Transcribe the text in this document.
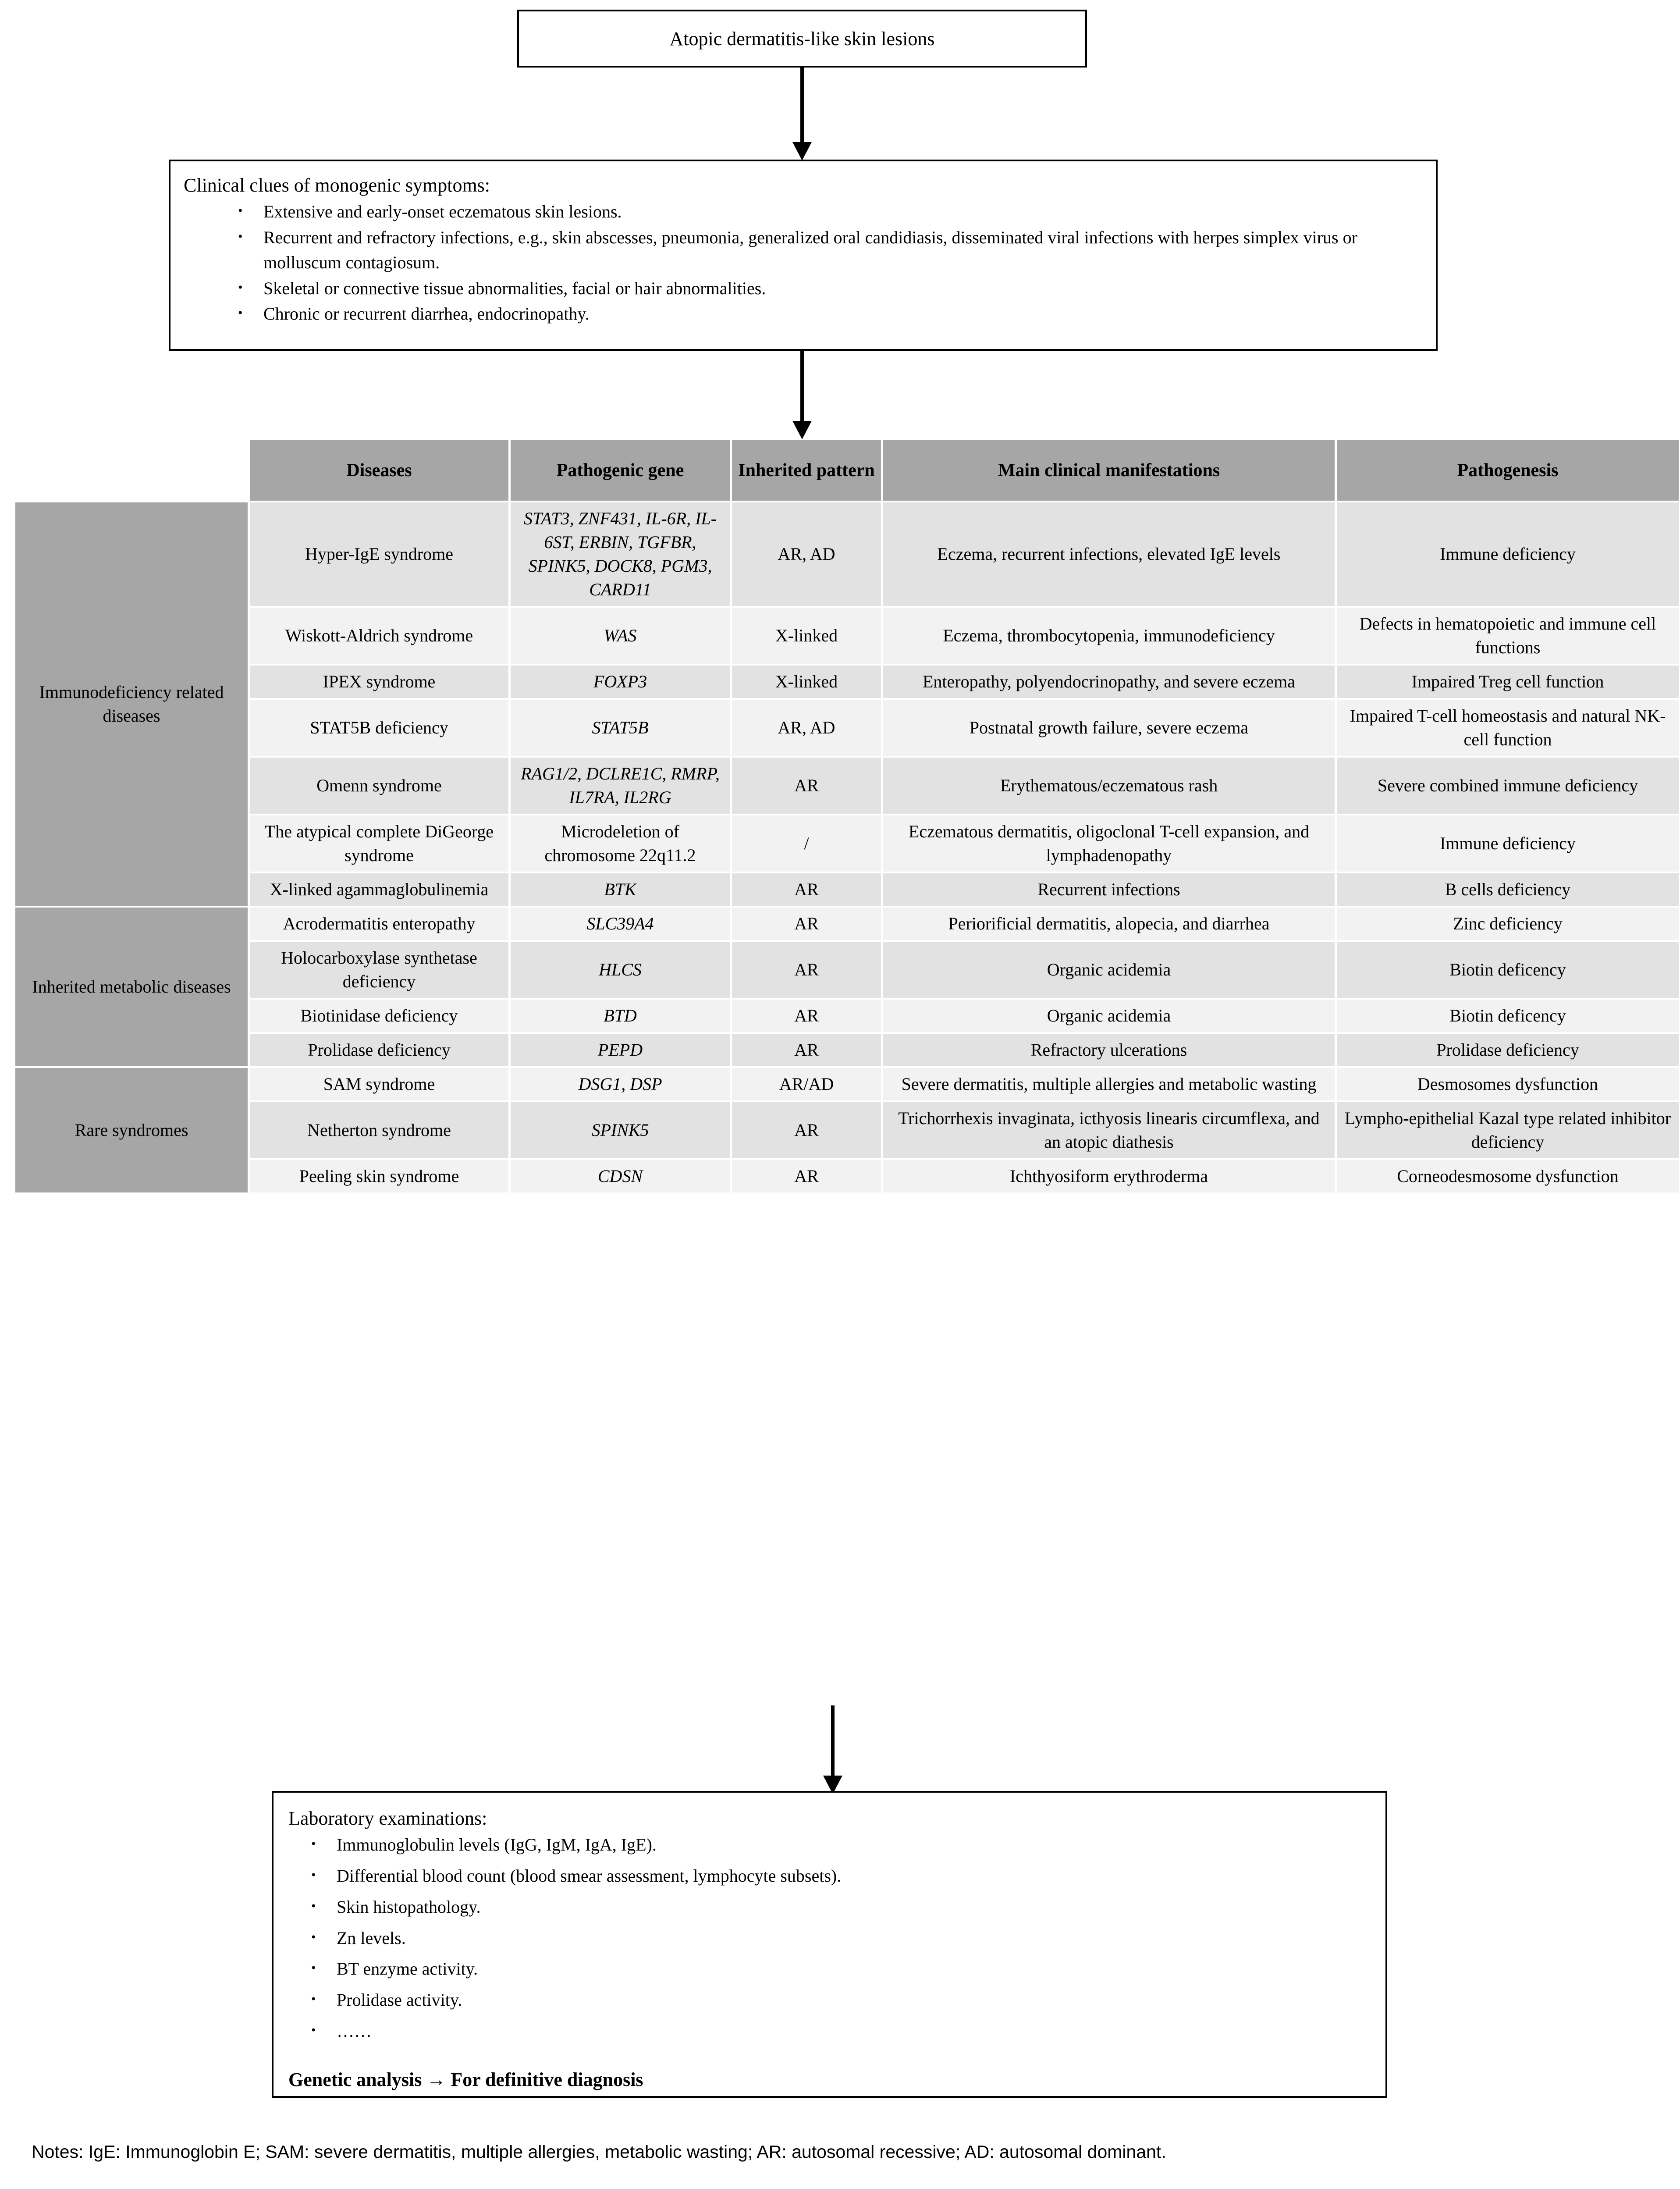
Atopic dermatitis-like skin lesions
Clinical clues of monogenic symptoms:
• Extensive and early-onset eczematous skin lesions.
• Recurrent and refractory infections, e.g., skin abscesses, pneumonia, generalized oral candidiasis, disseminated viral infections with herpes simplex virus or molluscum contagiosum.
• Skeletal or connective tissue abnormalities, facial or hair abnormalities.
• Chronic or recurrent diarrhea, endocrinopathy.
	Diseases	Pathogenic gene	Inherited pattern	Main clinical manifestations	Pathogenesis
Immunodeficiency related diseases	Hyper-IgE syndrome	STAT3, ZNF431, IL-6R, IL-6ST, ERBIN, TGFBR, SPINK5, DOCK8, PGM3, CARD11	AR, AD	Eczema, recurrent infections, elevated IgE levels	Immune deficiency
	Wiskott-Aldrich syndrome	WAS	X-linked	Eczema, thrombocytopenia, immunodeficiency	Defects in hematopoietic and immune cell functions
	IPEX syndrome	FOXP3	X-linked	Enteropathy, polyendocrinopathy, and severe eczema	Impaired Treg cell function
	STAT5B deficiency	STAT5B	AR, AD	Postnatal growth failure, severe eczema	Impaired T-cell homeostasis and natural NK-cell function
	Omenn syndrome	RAG1/2, DCLRE1C, RMRP, IL7RA, IL2RG	AR	Erythematous/eczematous rash	Severe combined immune deficiency
	The atypical complete DiGeorge syndrome	Microdeletion of chromosome 22q11.2	/	Eczematous dermatitis, oligoclonal T-cell expansion, and lymphadenopathy	Immune deficiency
	X-linked agammaglobulinemia	BTK	AR	Recurrent infections	B cells deficiency
Inherited metabolic diseases	Acrodermatitis enteropathy	SLC39A4	AR	Periorificial dermatitis, alopecia, and diarrhea	Zinc deficiency
	Holocarboxylase synthetase deficiency	HLCS	AR	Organic acidemia	Biotin deficency
	Biotinidase deficiency	BTD	AR	Organic acidemia	Biotin deficency
	Prolidase deficiency	PEPD	AR	Refractory ulcerations	Prolidase deficiency
Rare syndromes	SAM syndrome	DSG1, DSP	AR/AD	Severe dermatitis, multiple allergies and metabolic wasting	Desmosomes dysfunction
	Netherton syndrome	SPINK5	AR	Trichorrhexis invaginata, icthyosis linearis circumflexa, and an atopic diathesis	Lympho-epithelial Kazal type related inhibitor deficiency
	Peeling skin syndrome	CDSN	AR	Ichthyosiform erythroderma	Corneodesmosome dysfunction
Laboratory examinations:
• Immunoglobulin levels (IgG, IgM, IgA, IgE).
• Differential blood count (blood smear assessment, lymphocyte subsets).
• Skin histopathology.
• Zn levels.
• BT enzyme activity.
• Prolidase activity.
• ……
Genetic analysis → For definitive diagnosis
Notes: IgE: Immunoglobin E; SAM: severe dermatitis, multiple allergies, metabolic wasting; AR: autosomal recessive; AD: autosomal dominant.
